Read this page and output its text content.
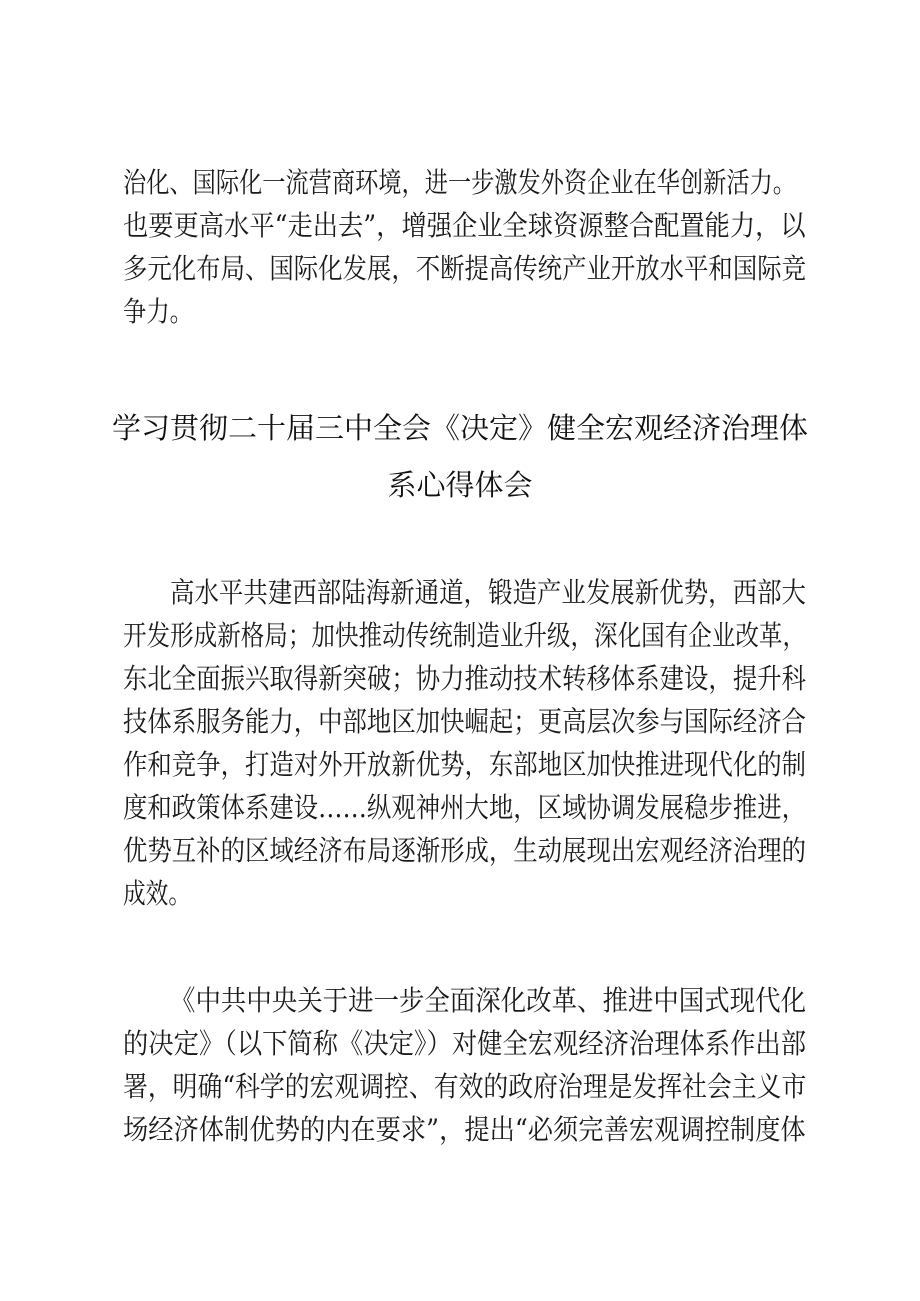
治化、国际化一流营商环境，进一步激发外资企业在华创新活力。
也要更高水平“走出去”，增强企业全球资源整合配置能力，以
多元化布局、国际化发展，不断提高传统产业开放水平和国际竞
争力。
学习贯彻二十届三中全会《决定》健全宏观经济治理体
系心得体会
高水平共建西部陆海新通道，锻造产业发展新优势，西部大
开发形成新格局；加快推动传统制造业升级，深化国有企业改革，
东北全面振兴取得新突破；协力推动技术转移体系建设，提升科
技体系服务能力，中部地区加快崛起；更高层次参与国际经济合
作和竞争，打造对外开放新优势，东部地区加快推进现代化的制
度和政策体系建设……纵观神州大地，区域协调发展稳步推进，
优势互补的区域经济布局逐渐形成，生动展现出宏观经济治理的
成效。
《中共中央关于进一步全面深化改革、推进中国式现代化
的决定》（以下简称《决定》）对健全宏观经济治理体系作出部
署，明确“科学的宏观调控、有效的政府治理是发挥社会主义市
场经济体制优势的内在要求”，提出“必须完善宏观调控制度体
